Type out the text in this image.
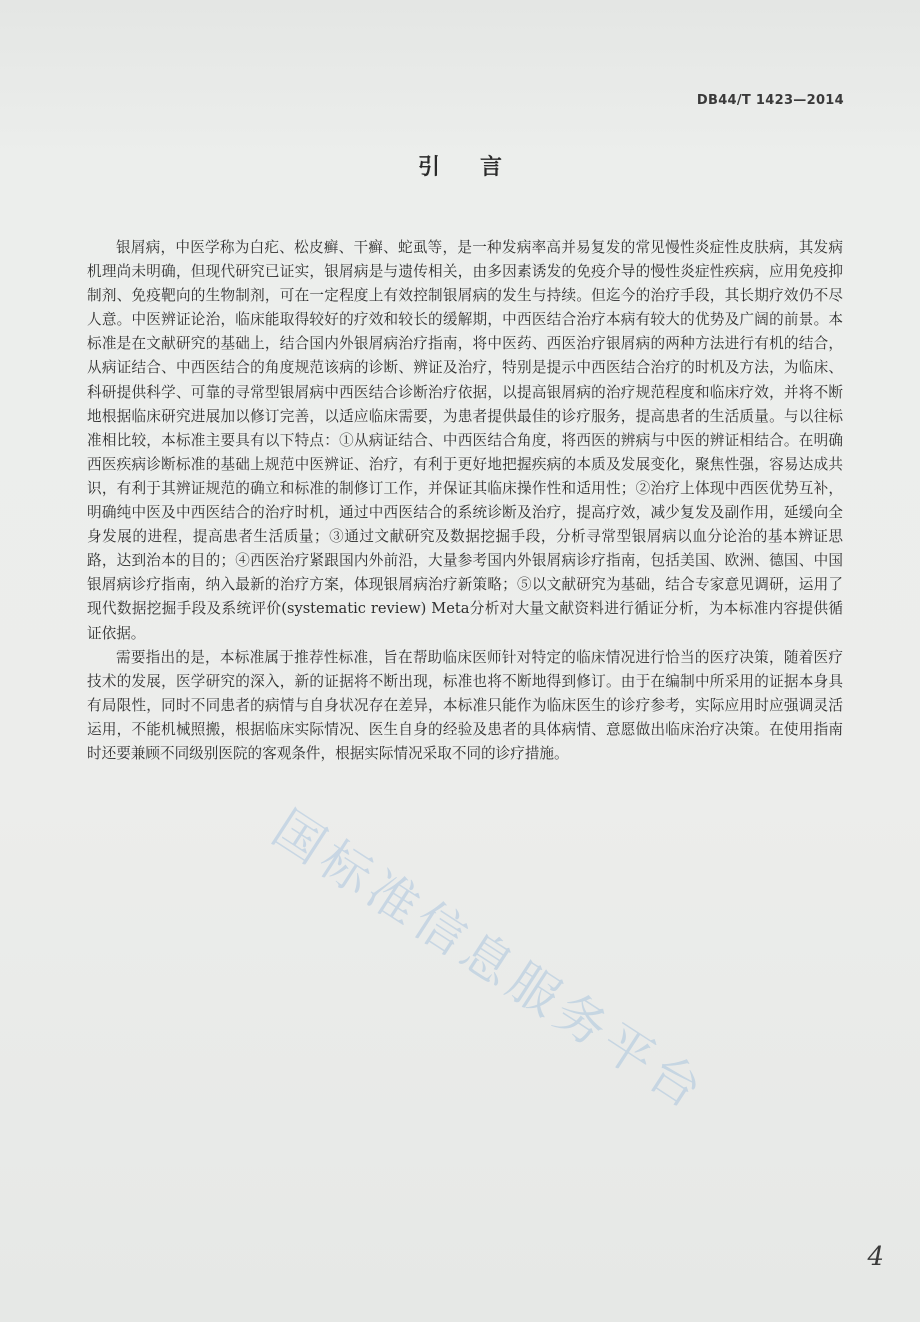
DB44/T 1423—2014
引言

银屑病，中医学称为白疕、松皮癣、干癣、蛇虱等，是一种发病率高并易复发的常见慢性炎症性皮肤病，其发病机理尚未明确，但现代研究已证实，银屑病是与遗传相关，由多因素诱发的免疫介导的慢性炎症性疾病，应用免疫抑制剂、免疫靶向的生物制剂，可在一定程度上有效控制银屑病的发生与持续。但迄今的治疗手段，其长期疗效仍不尽人意。中医辨证论治，临床能取得较好的疗效和较长的缓解期，中西医结合治疗本病有较大的优势及广阔的前景。本标准是在文献研究的基础上，结合国内外银屑病治疗指南，将中医药、西医治疗银屑病的两种方法进行有机的结合，从病证结合、中西医结合的角度规范该病的诊断、辨证及治疗，特别是提示中西医结合治疗的时机及方法，为临床、科研提供科学、可靠的寻常型银屑病中西医结合诊断治疗依据，以提高银屑病的治疗规范程度和临床疗效，并将不断地根据临床研究进展加以修订完善，以适应临床需要，为患者提供最佳的诊疗服务，提高患者的生活质量。与以往标准相比较，本标准主要具有以下特点：①从病证结合、中西医结合角度，将西医的辨病与中医的辨证相结合。在明确西医疾病诊断标准的基础上规范中医辨证、治疗，有利于更好地把握疾病的本质及发展变化，聚焦性强，容易达成共识，有利于其辨证规范的确立和标准的制修订工作，并保证其临床操作性和适用性；②治疗上体现中西医优势互补，明确纯中医及中西医结合的治疗时机，通过中西医结合的系统诊断及治疗，提高疗效，减少复发及副作用，延缓向全身发展的进程，提高患者生活质量；③通过文献研究及数据挖掘手段，分析寻常型银屑病以血分论治的基本辨证思路，达到治本的目的；④西医治疗紧跟国内外前沿，大量参考国内外银屑病诊疗指南，包括美国、欧洲、德国、中国银屑病诊疗指南，纳入最新的治疗方案，体现银屑病治疗新策略；⑤以文献研究为基础，结合专家意见调研，运用了现代数据挖掘手段及系统评价(systematic review) Meta分析对大量文献资料进行循证分析，为本标准内容提供循证依据。

需要指出的是，本标准属于推荐性标准，旨在帮助临床医师针对特定的临床情况进行恰当的医疗决策，随着医疗技术的发展，医学研究的深入，新的证据将不断出现，标准也将不断地得到修订。由于在编制中所采用的证据本身具有局限性，同时不同患者的病情与自身状况存在差异，本标准只能作为临床医生的诊疗参考，实际应用时应强调灵活运用，不能机械照搬，根据临床实际情况、医生自身的经验及患者的具体病情、意愿做出临床治疗决策。在使用指南时还要兼顾不同级别医院的客观条件，根据实际情况采取不同的诊疗措施。

国标准信息服务平台
4
